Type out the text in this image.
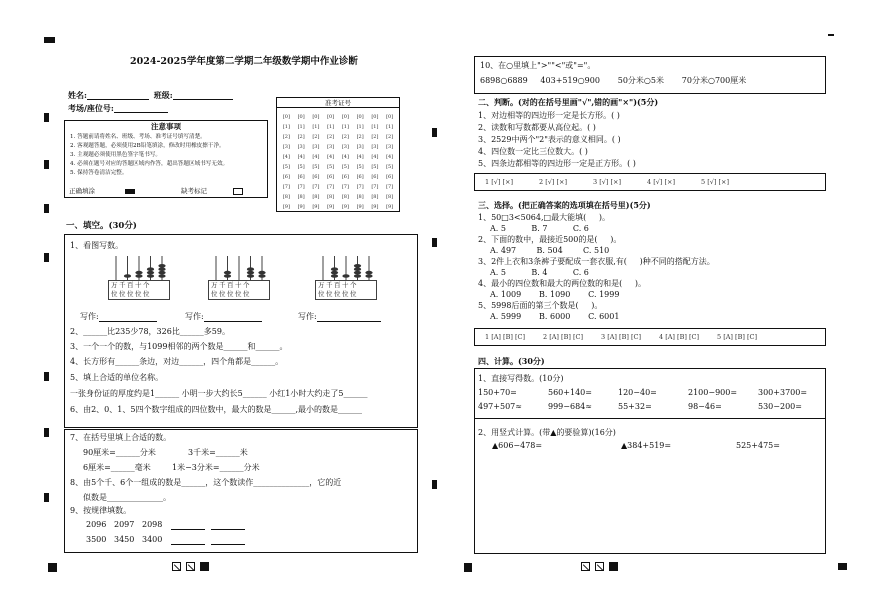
2024-2025学年度第二学期二年级数学期中作业诊断
姓名:	班级:
考场/座位号:	准考证号
[0]	[0]	[0]	[0]	[0]	[0]	[0]	[0]
[1]	[1]	[1]	[1]	[1]	[1]	[1]	[1]
[2]	[2]	[2]	[2]	[2]	[2]	[2]	[2]
[3]	[3]	[3]	[3]	[3]	[3]	[3]	[3]
[4]	[4]	[4]	[4]	[4]	[4]	[4]	[4]
[5]	[5]	[5]	[5]	[5]	[5]	[5]	[5]
[6]	[6]	[6]	[6]	[6]	[6]	[6]	[6]
[7]	[7]	[7]	[7]	[7]	[7]	[7]	[7]
[8]	[8]	[8]	[8]	[8]	[8]	[8]	[8]
[9]	[9]	[9]	[9]	[9]	[9]	[9]	[9]
注意事项
1. 答题前请将姓名、班级、考场、准考证号填写清楚。
2. 客观题答题，必须使用2B铅笔填涂，修改时用橡皮擦干净。
3. 主观题必须使用黑色签字笔书写。
4. 必须在题号对应的答题区域内作答，超出答题区域书写无效。
5. 保持答卷清洁完整。
正确填涂	缺考标记
一、填空。(30分)
1、看图写数。
万千百十个
位位位位位
万千百十个
位位位位位
万千百十个
位位位位位
写作:	写作:	写作:
2、______比235少78，326比______多59。
3、一个一个的数，与1099相邻的两个数是______和______。
4、长方形有______条边，对边______，四个角都是______。
5、填上合适的单位名称。
一张身份证的厚度约是1______ 小明一步大约长5______ 小红1小时大约走了5______
6、由2、0、1、5四个数字组成的四位数中，最大的数是______,最小的数是______
7、在括号里填上合适的数。
90厘米=______分米	3千米=______米
6厘米=______毫米	1米−3分米=______分米
8、由5个千、6个一组成的数是______，这个数读作______________，它的近
似数是______________。
9、按规律填数。
2096 2097 2098
3500 3450 3400
10、在○里填上">""<"或"="。
6898○6889 403+519○900 50分米○5米 70分米○700厘米
二、判断。(对的在括号里画"√",错的画"×")(5分)
1、对边相等的四边形一定是长方形。( )
2、读数和写数都要从高位起。( )
3、2529中两个"2"表示的意义相同。( )
4、四位数一定比三位数大。( )
5、四条边都相等的四边形一定是正方形。( )
1 [√] [×]	2 [√] [×]	3 [√] [×]	4 [√] [×]	5 [√] [×]
三、选择。(把正确答案的选项填在括号里)(5分)
1、50□3<5064,□最大能填(     )。
A. 5          B. 7          C. 6
2、下面的数中，最接近500的是(     )。
A. 497        B. 504        C. 510
3、2件上衣和3条裤子要配成一套衣服,有(     )种不同的搭配方法。
A. 5          B. 4          C. 6
4、最小的四位数和最大的两位数的和是(     )。
A. 1009       B. 1090       C. 1999
5、5998后面的第三个数是(     )。
A. 5999       B. 6000       C. 6001
1 [A] [B] [C]	2 [A] [B] [C]	3 [A] [B] [C]	4 [A] [B] [C]	5 [A] [B] [C]
四、计算。(30分)
1、直接写得数。(10分)
150+70=	560+140=	120−40=	2100−900=	300+3700=
497+507≈	999−684≈	55+32=	98−46=	530−200=
2、用竖式计算。(带▲的要验算)(16分)
▲606−478=	▲384+519=	525+475=
